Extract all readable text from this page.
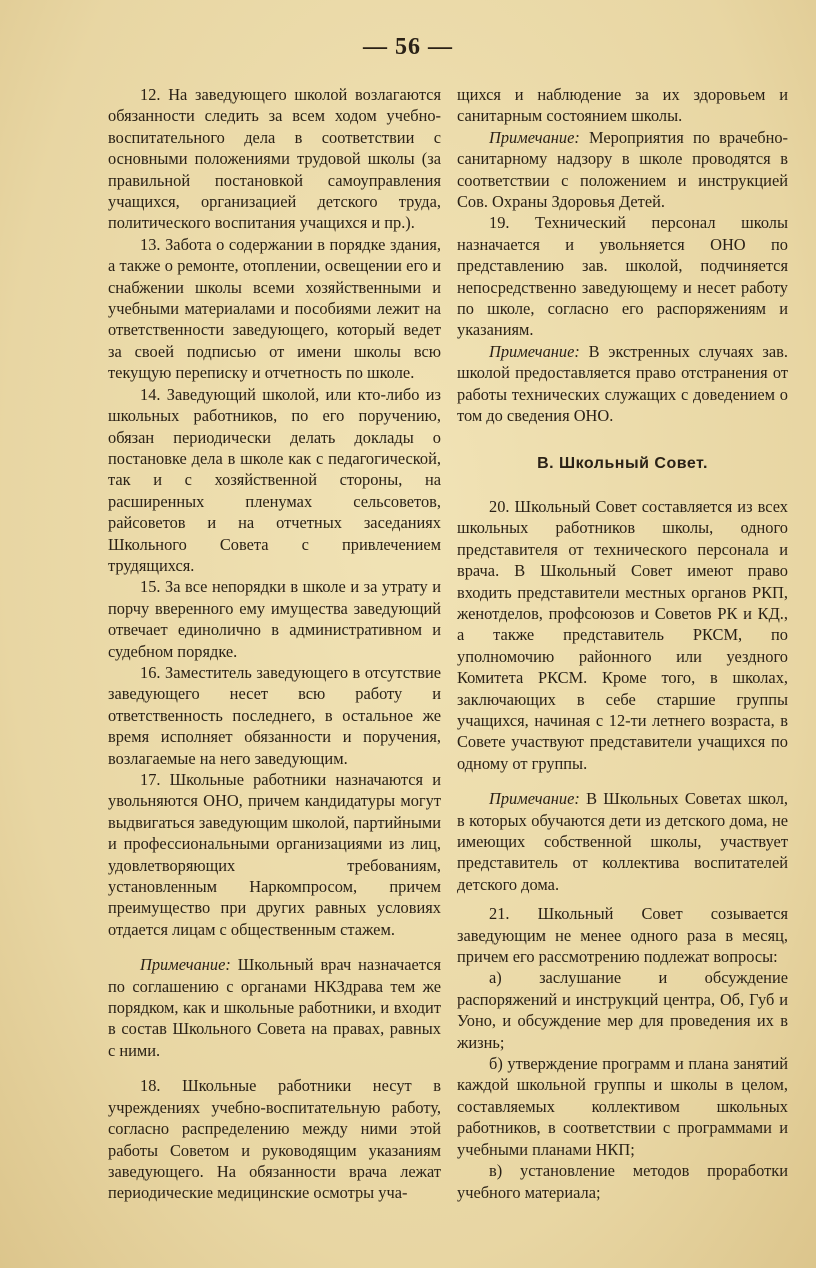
— 56 —

12. На заведующего школой возлагаются обязанности следить за всем ходом учебно-воспитательного дела в соответствии с основными положениями трудовой школы (за правильной постановкой самоуправления учащихся, организацией детского труда, политического воспитания учащихся и пр.).

13. Забота о содержании в порядке здания, а также о ремонте, отоплении, освещении его и снабжении школы всеми хозяйственными и учебными материалами и пособиями лежит на ответственности заведующего, который ведет за своей подписью от имени школы всю текущую переписку и отчетность по школе.

14. Заведующий школой, или кто-либо из школьных работников, по его поручению, обязан периодически делать доклады о постановке дела в школе как с педагогической, так и с хозяйственной стороны, на расширенных пленумах сельсоветов, райсоветов и на отчетных заседаниях Школьного Совета с привлечением трудящихся.

15. За все непорядки в школе и за утрату и порчу вверенного ему имущества заведующий отвечает единолично в административном и судебном порядке.

16. Заместитель заведующего в отсутствие заведующего несет всю работу и ответственность последнего, в остальное же время исполняет обязанности и поручения, возлагаемые на него заведующим.

17. Школьные работники назначаются и увольняются ОНО, причем кандидатуры могут выдвигаться заведующим школой, партийными и профессиональными организациями из лиц, удовлетворяющих требованиям, установленным Наркомпросом, причем преимущество при других равных условиях отдается лицам с общественным стажем.

Примечание: Школьный врач назначается по соглашению с органами НКЗдрава тем же порядком, как и школьные работники, и входит в состав Школьного Совета на правах, равных с ними.

18. Школьные работники несут в учреждениях учебно-воспитательную работу, согласно распределению между ними этой работы Советом и руководящим указаниям заведующего. На обязанности врача лежат периодические медицинские осмотры уча-

щихся и наблюдение за их здоровьем и санитарным состоянием школы.

Примечание: Мероприятия по врачебно-санитарному надзору в школе проводятся в соответствии с положением и инструкцией Сов. Охраны Здоровья Детей.

19. Технический персонал школы назначается и увольняется ОНО по представлению зав. школой, подчиняется непосредственно заведующему и несет работу по школе, согласно его распоряжениям и указаниям.

Примечание: В экстренных случаях зав. школой предоставляется право отстранения от работы технических служащих с доведением о том до сведения ОНО.

В. Школьный Совет.

20. Школьный Совет составляется из всех школьных работников школы, одного представителя от технического персонала и врача. В Школьный Совет имеют право входить представители местных органов РКП, женотделов, профсоюзов и Советов РК и КД., а также представитель РКСМ, по уполномочию районного или уездного Комитета РКСМ. Кроме того, в школах, заключающих в себе старшие группы учащихся, начиная с 12-ти летнего возраста, в Совете участвуют представители учащихся по одному от группы.

Примечание: В Школьных Советах школ, в которых обучаются дети из детского дома, не имеющих собственной школы, участвует представитель от коллектива воспитателей детского дома.

21. Школьный Совет созывается заведующим не менее одного раза в месяц, причем его рассмотрению подлежат вопросы:

а) заслушание и обсуждение распоряжений и инструкций центра, Об, Губ и Уоно, и обсуждение мер для проведения их в жизнь;

б) утверждение программ и плана занятий каждой школьной группы и школы в целом, составляемых коллективом школьных работников, в соответствии с программами и учебными планами НКП;

в) установление методов проработки учебного материала;
